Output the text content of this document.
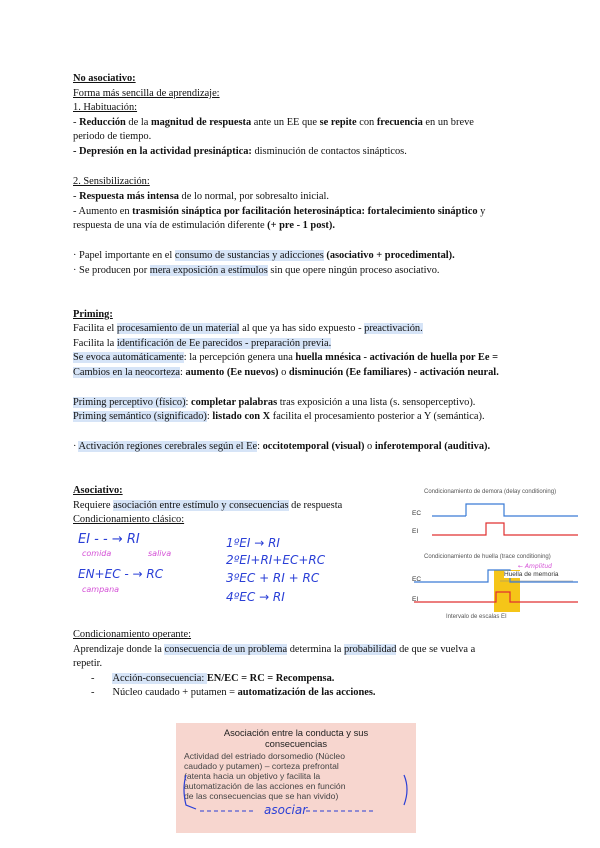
No asociativo:
Forma más sencilla de aprendizaje:
1. Habituación:
- Reducción de la magnitud de respuesta ante un EE que se repite con frecuencia en un breve
periodo de tiempo.
- Depresión en la actividad presináptica: disminución de contactos sinápticos.
2. Sensibilización:
- Respuesta más intensa de lo normal, por sobresalto inicial.
- Aumento en trasmisión sináptica por facilitación heterosináptica: fortalecimiento sináptico y
respuesta de una vía de estimulación diferente (+ pre - 1 post).
· Papel importante en el consumo de sustancias y adicciones (asociativo + procedimental).
· Se producen por mera exposición a estímulos sin que opere ningún proceso asociativo.
Priming:
Facilita el procesamiento de un material al que ya has sido expuesto - preactivación.
Facilita la identificación de Ee parecidos - preparación previa.
Se evoca automáticamente: la percepción genera una huella mnésica - activación de huella por Ee =
Cambios en la neocorteza: aumento (Ee nuevos) o disminución (Ee familiares) - activación neural.
Priming perceptivo (físico): completar palabras tras exposición a una lista (s. sensoperceptivo).
Priming semántico (significado): listado con X facilita el procesamiento posterior a Y (semántica).
· Activación regiones cerebrales según el Ee: occitotemporal (visual) o inferotemporal (auditiva).
Asociativo:
Requiere asociación entre estímulo y consecuencias de respuesta
Condicionamiento clásico:
EI - - → RI
comida	saliva
EN+EC - → RC
campana
1ºEI → RI
2ºEI+RI+EC+RC
3ºEC + RI + RC
4ºEC → RI
Condicionamiento operante:
Aprendizaje donde la consecuencia de un problema determina la probabilidad de que se vuelva a
repetir.
- Acción-consecuencia: EN/EC = RC = Recompensa.
- Núcleo caudado + putamen = automatización de las acciones.
Condicionamiento de demora (delay conditioning)
EC
EI
Condicionamiento de huella (trace conditioning)
← Amplitud
EC
EI
Huella de memoria
Intervalo de escalas EI
Asociación entre la conducta y sus
consecuencias
Actividad del estriado dorsomedio (Núcleo
caudado y putamen) – corteza prefrontal
(atenta hacia un objetivo y facilita la
automatización de las acciones en función
de las consecuencias que se han vivido)
asociar
